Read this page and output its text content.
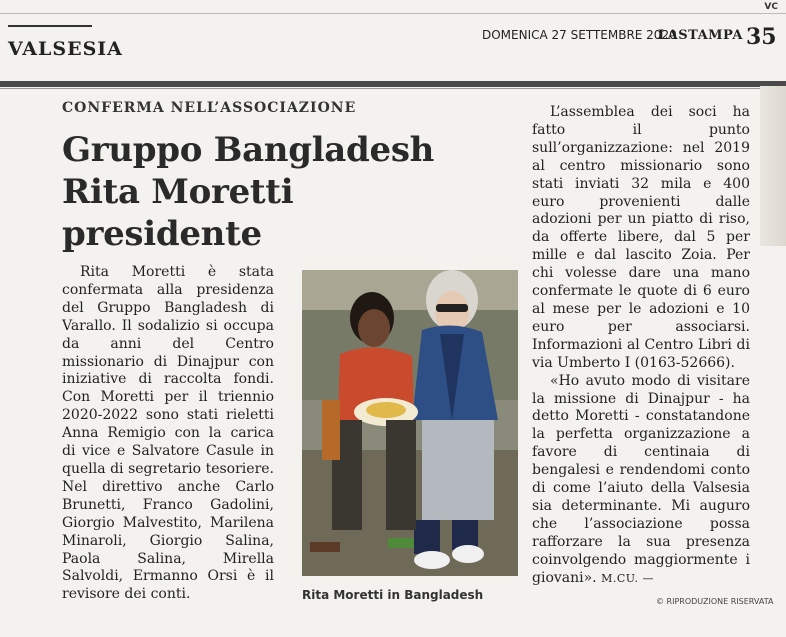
VC
VALSESIA
DOMENICA 27 SETTEMBRE 2020
LASTAMPA 35
CONFERMA NELL’ASSOCIAZIONE
Gruppo Bangladesh
Rita Moretti presidente

Rita Moretti è stata confermata alla presidenza del Gruppo Bangladesh di Varallo. Il sodalizio si occupa da anni del Centro missionario di Dinajpur con iniziative di raccolta fondi. Con Moretti per il triennio 2020-2022 sono stati rieletti Anna Remigio con la carica di vice e Salvatore Casule in quella di segretario tesoriere. Nel direttivo anche Carlo Brunetti, Franco Gadolini, Giorgio Malvestito, Marilena Minaroli, Giorgio Salina, Paola Salina, Mirella Salvoldi, Ermanno Orsi è il revisore dei conti.	Rita Moretti in Bangladesh

L’assemblea dei soci ha fatto il punto sull’organizzazione: nel 2019 al centro missionario sono stati inviati 32 mila e 400 euro provenienti dalle adozioni per un piatto di riso, da offerte libere, dal 5 per mille e dal lascito Zoia. Per chi volesse dare una mano confermate le quote di 6 euro al mese per le adozioni e 10 euro per associarsi. Informazioni al Centro Libri di via Umberto I (0163-52666).

«Ho avuto modo di visitare la missione di Dinajpur - ha detto Moretti - constatandone la perfetta organizzazione a favore di centinaia di bengalesi e rendendomi conto di come l’aiuto della Valsesia sia determinante. Mi auguro che l’associazione possa rafforzare la sua presenza coinvolgendo maggiormente i giovani». M.CU. —

© RIPRODUZIONE RISERVATA
